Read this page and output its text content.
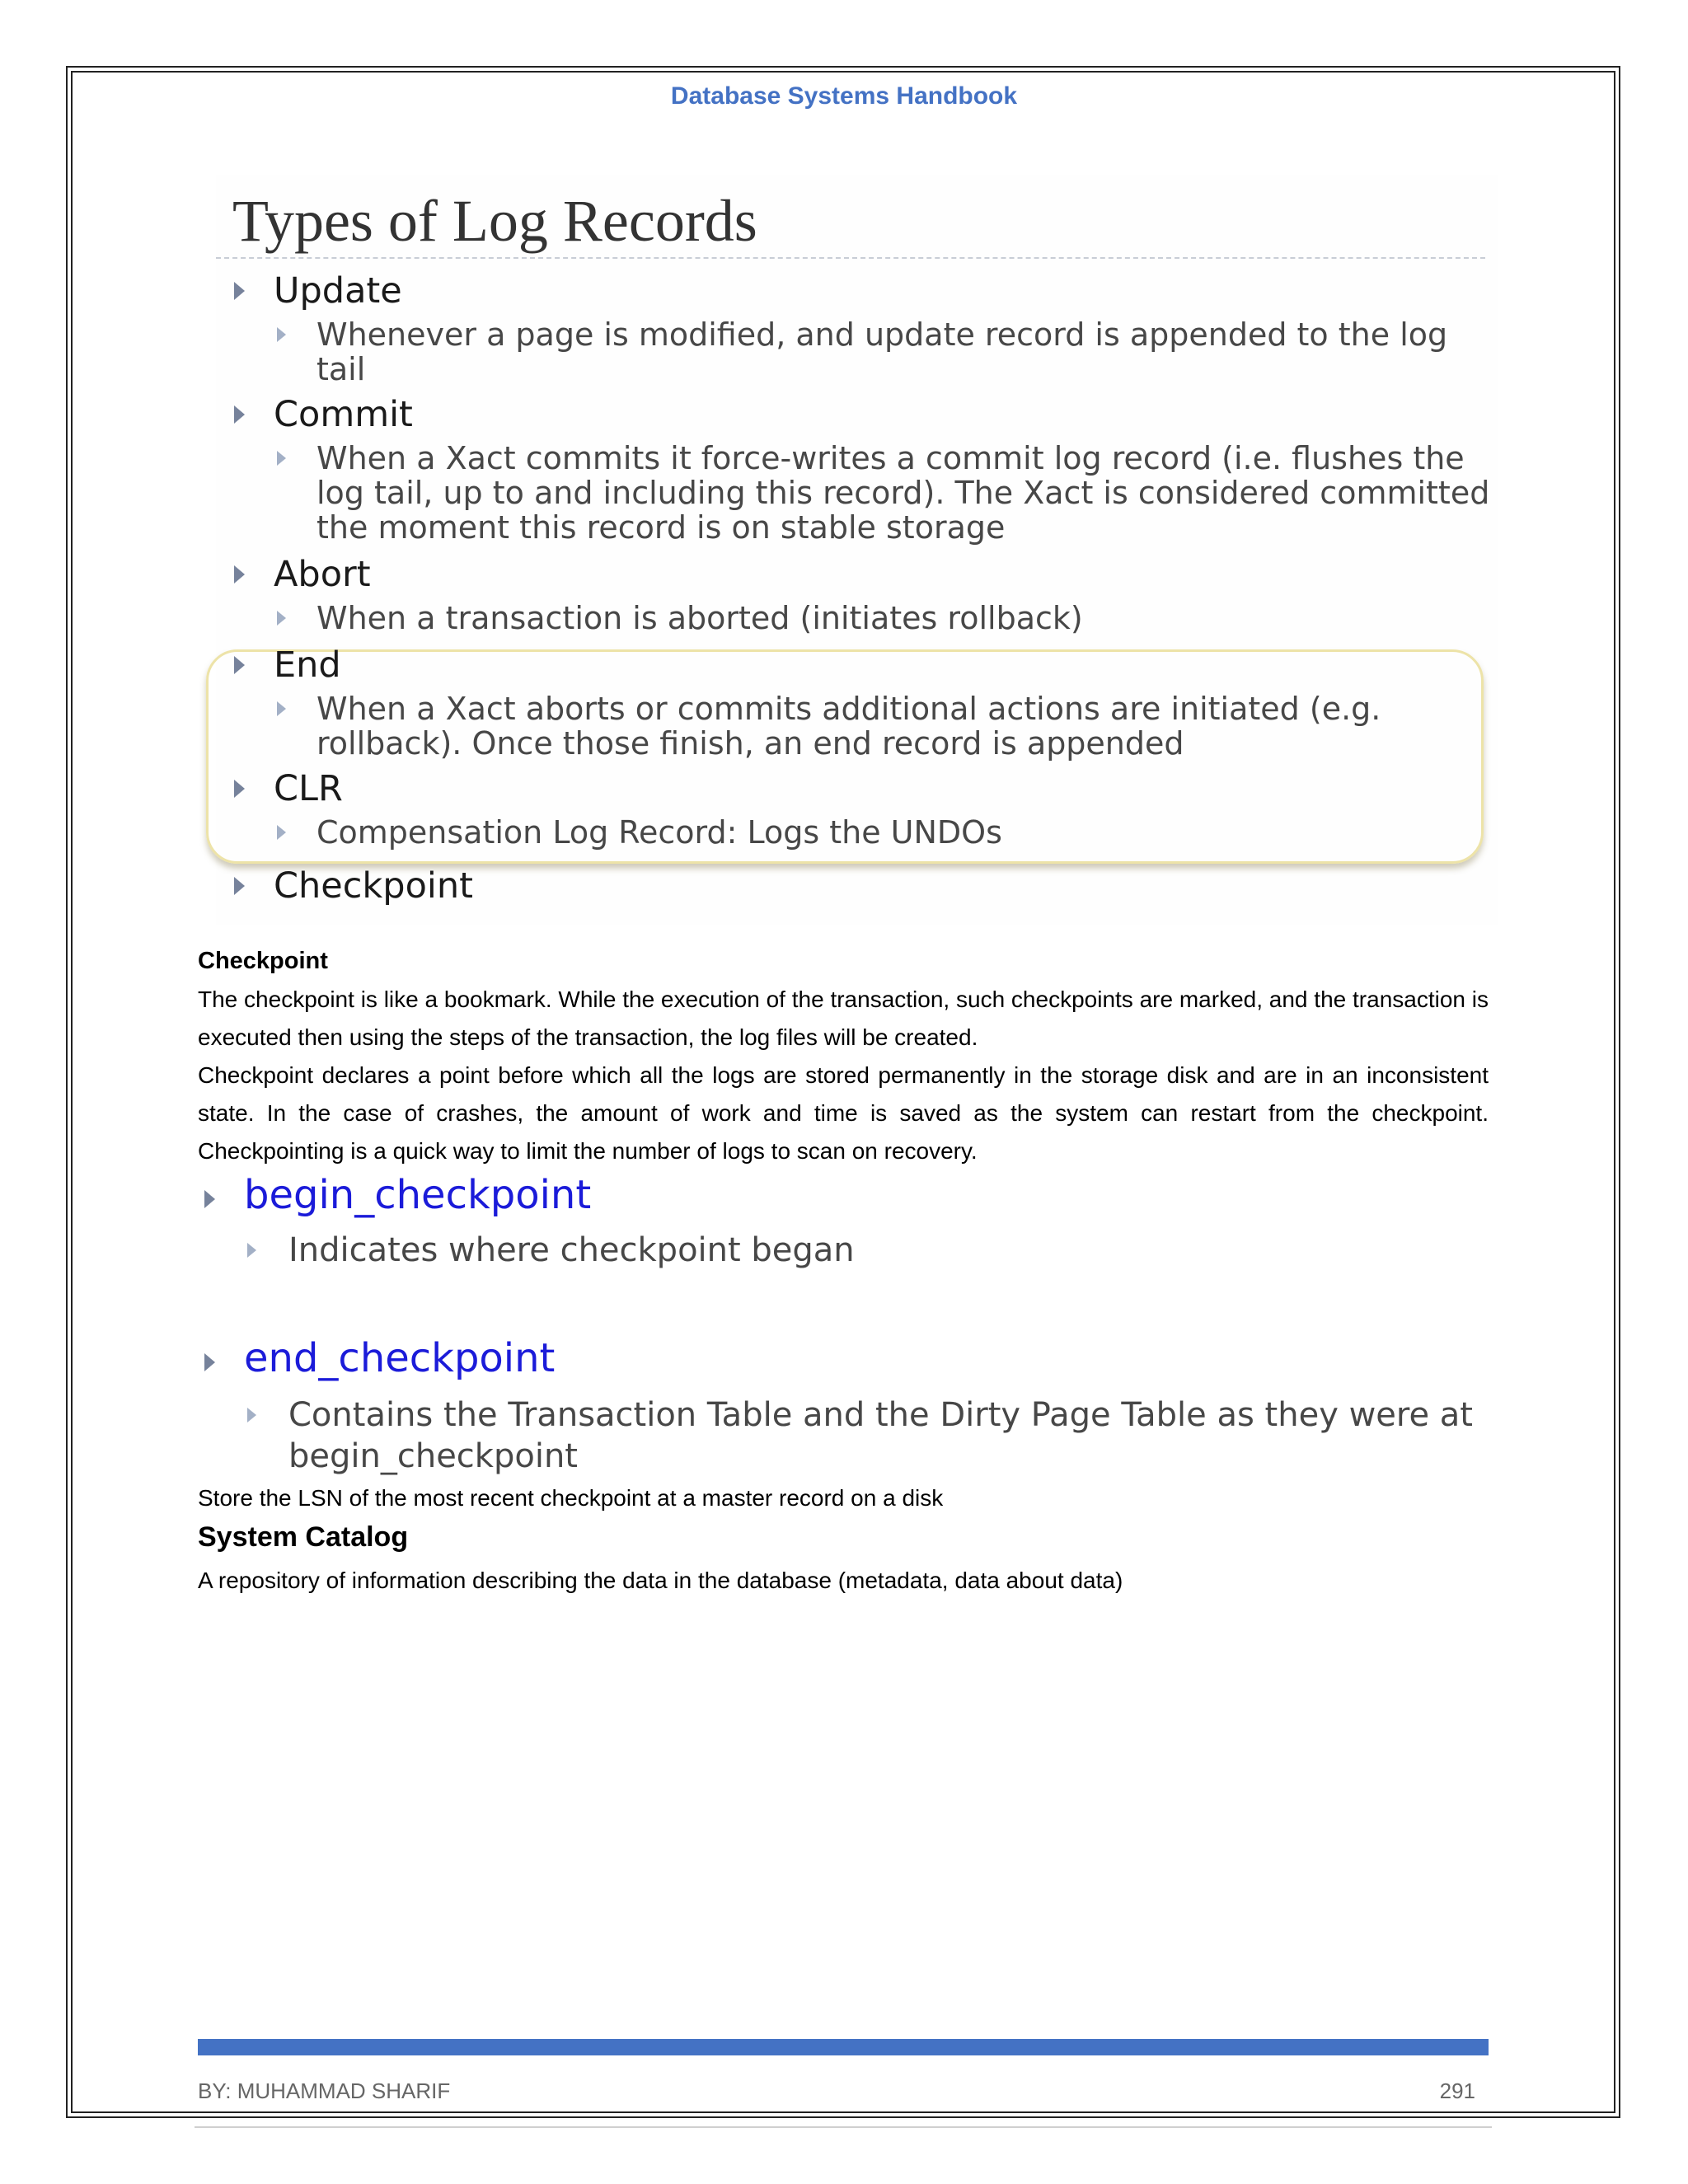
Database Systems Handbook
Types of Log Records
Update
Whenever a page is modified, and update record is appended to the log tail
Commit
When a Xact commits it force-writes a commit log record (i.e. flushes the log tail, up to and including this record). The Xact is considered committed the moment this record is on stable storage
Abort
When a transaction is aborted (initiates rollback)
End
When a Xact aborts or commits additional actions are initiated (e.g. rollback). Once those finish, an end record is appended
CLR
Compensation Log Record: Logs the UNDOs
Checkpoint
Checkpoint
The checkpoint is like a bookmark. While the execution of the transaction, such checkpoints are marked, and the transaction is executed then using the steps of the transaction, the log files will be created.
Checkpoint declares a point before which all the logs are stored permanently in the storage disk and are in an inconsistent state. In the case of crashes, the amount of work and time is saved as the system can restart from the checkpoint. Checkpointing is a quick way to limit the number of logs to scan on recovery.
begin_checkpoint
Indicates where checkpoint began
end_checkpoint
Contains the Transaction Table and the Dirty Page Table as they were at begin_checkpoint
Store the LSN of the most recent checkpoint at a master record on a disk
System Catalog
A repository of information describing the data in the database (metadata, data about data)
BY: MUHAMMAD SHARIF	291
